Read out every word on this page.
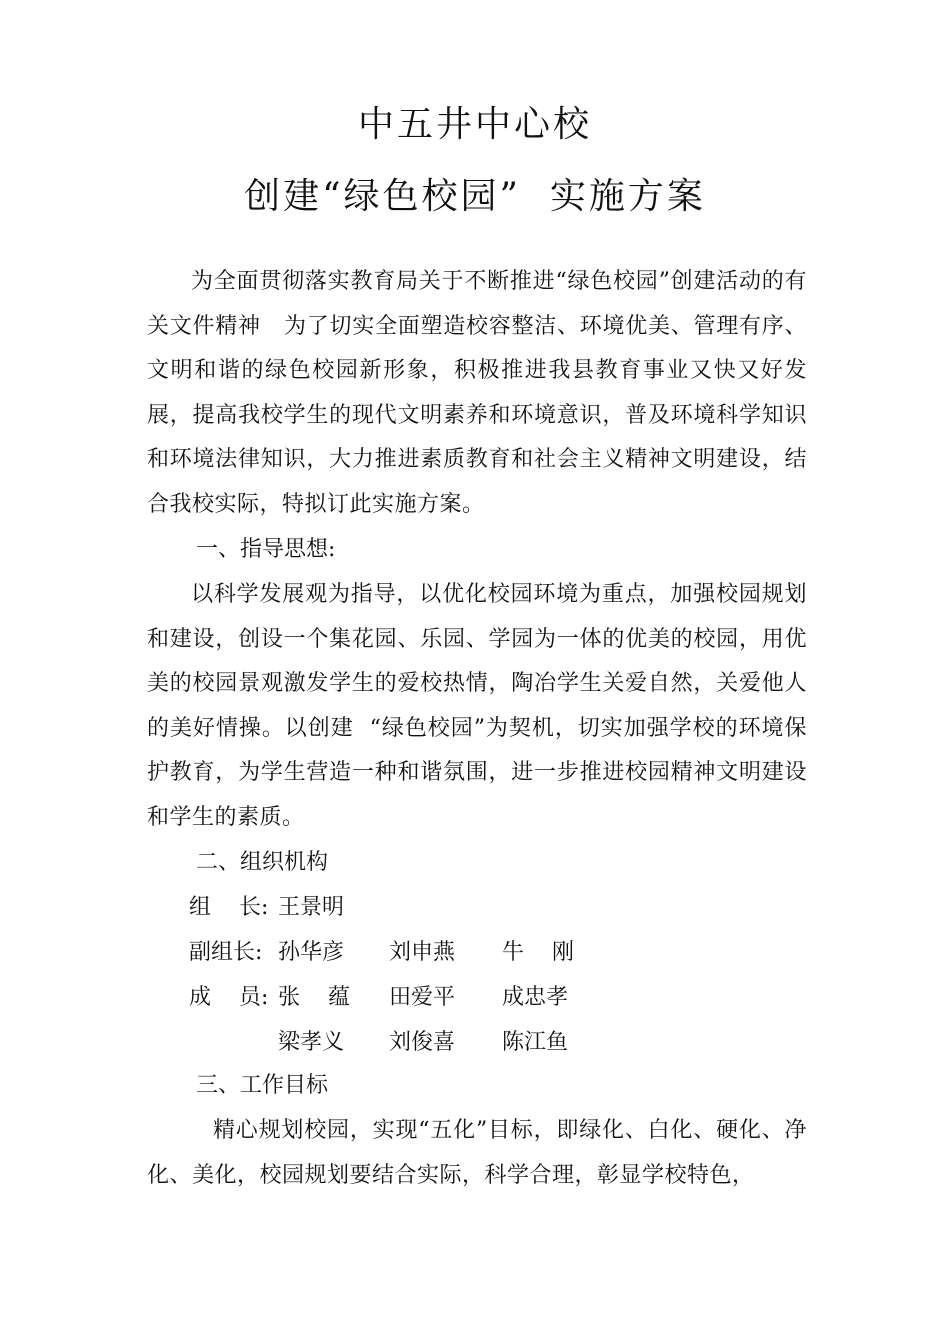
中五井中心校
创建“绿色校园”  实施方案
为全面贯彻落实教育局关于不断推进“绿色校园”创建活动的有关文件精神   为了切实全面塑造校容整洁、环境优美、管理有序、文明和谐的绿色校园新形象，积极推进我县教育事业又快又好发展，提高我校学生的现代文明素养和环境意识，普及环境科学知识和环境法律知识，大力推进素质教育和社会主义精神文明建设，结合我校实际，特拟订此实施方案。
一、指导思想:
以科学发展观为指导，以优化校园环境为重点，加强校园规划和建设，创设一个集花园、乐园、学园为一体的优美的校园，用优美的校园景观激发学生的爱校热情，陶冶学生关爱自然，关爱他人的美好情操。以创建  “绿色校园”为契机，切实加强学校的环境保护教育，为学生营造一种和谐氛围，进一步推进校园精神文明建设和学生的素质。
二、组织机构
组    长: 王景明
副组长: 孙华彦 刘申燕 牛    刚
成    员: 张    蕴 田爱平 成忠孝
梁孝义 刘俊喜 陈江鱼
三、工作目标
精心规划校园，实现“五化”目标，即绿化、白化、硬化、净化、美化，校园规划要结合实际，科学合理，彰显学校特色，
